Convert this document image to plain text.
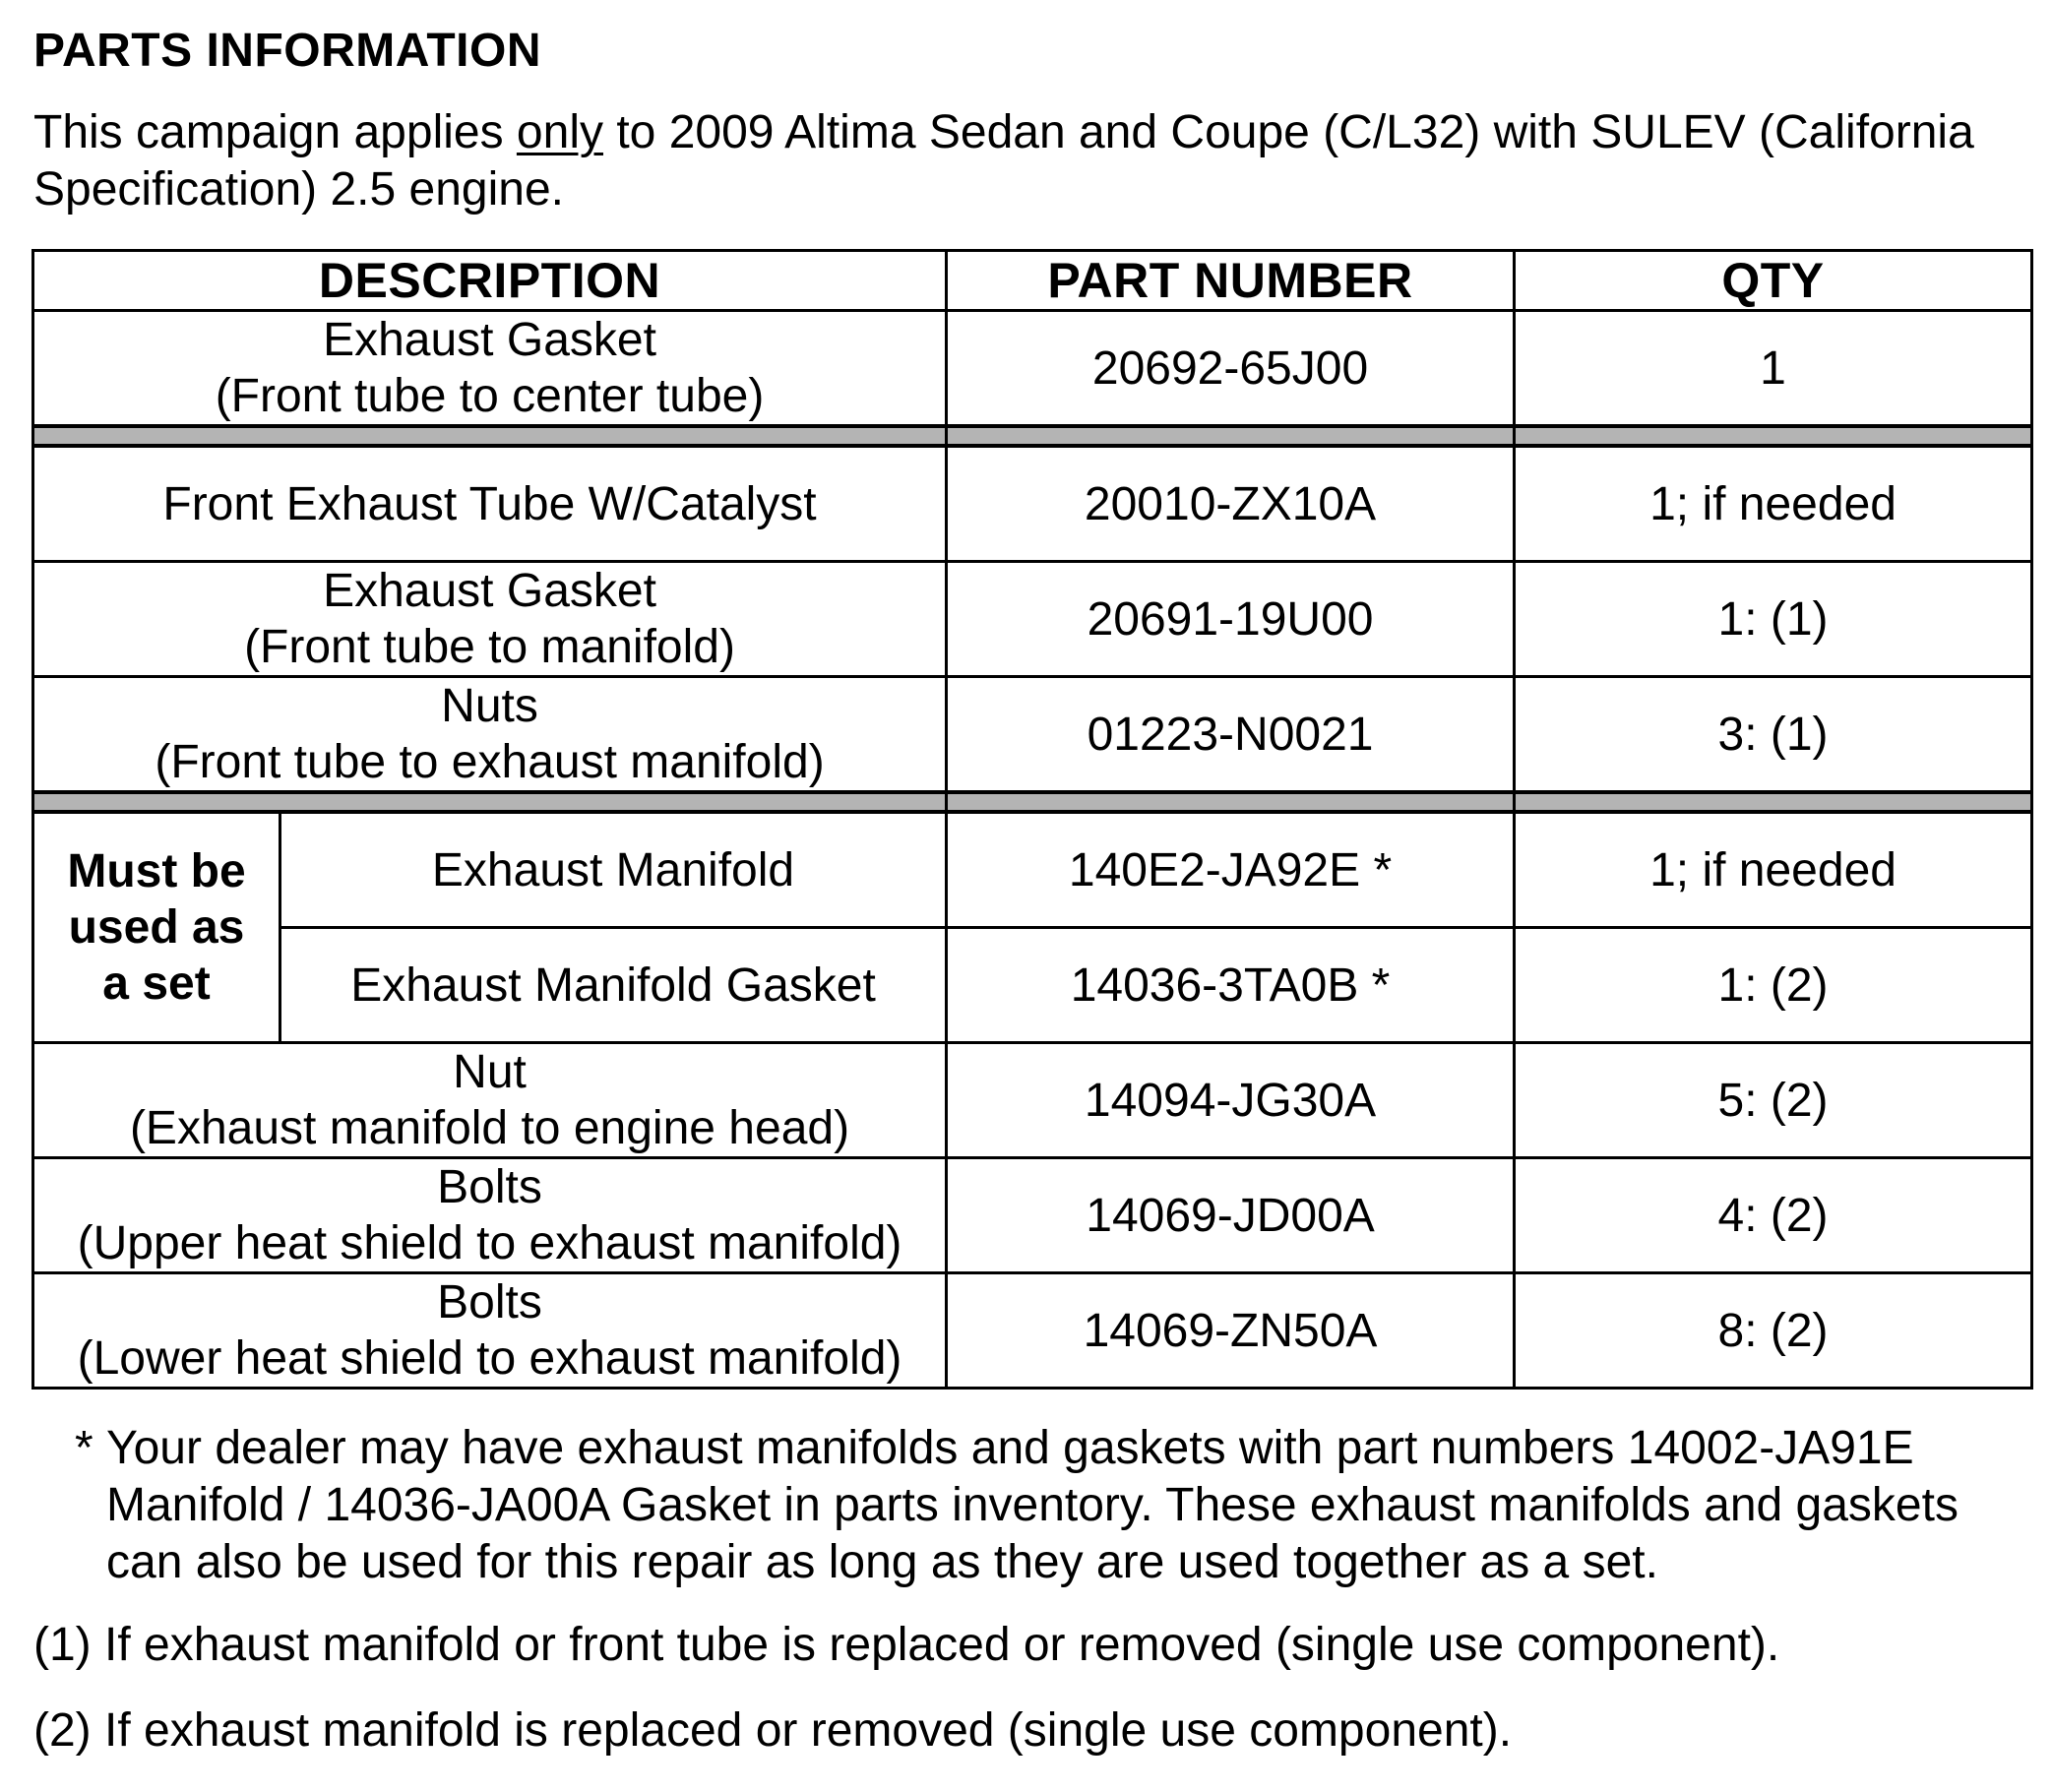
PARTS INFORMATION
This campaign applies only to 2009 Altima Sedan and Coupe (C/L32) with SULEV (California Specification) 2.5 engine.
DESCRIPTION		PART NUMBER	QTY

Exhaust Gasket
(Front tube to center tube)		20692-65J00	1

Front Exhaust Tube W/Catalyst		20010-ZX10A	1; if needed

Exhaust Gasket
(Front tube to manifold)		20691-19U00	1: (1)

Nuts
(Front tube to exhaust manifold)		01223-N0021	3: (1)

Must be
used as
a set	Exhaust Manifold	140E2-JA92E *	1; if needed
	Exhaust Manifold Gasket	14036-3TA0B *	1: (2)

Nut
(Exhaust manifold to engine head)		14094-JG30A	5: (2)

Bolts
(Upper heat shield to exhaust manifold)		14069-JD00A	4: (2)

Bolts
(Lower heat shield to exhaust manifold)		14069-ZN50A	8: (2)
* Your dealer may have exhaust manifolds and gaskets with part numbers 14002-JA91E Manifold / 14036-JA00A Gasket in parts inventory. These exhaust manifolds and gaskets can also be used for this repair as long as they are used together as a set.
(1) If exhaust manifold or front tube is replaced or removed (single use component).
(2) If exhaust manifold is replaced or removed (single use component).
